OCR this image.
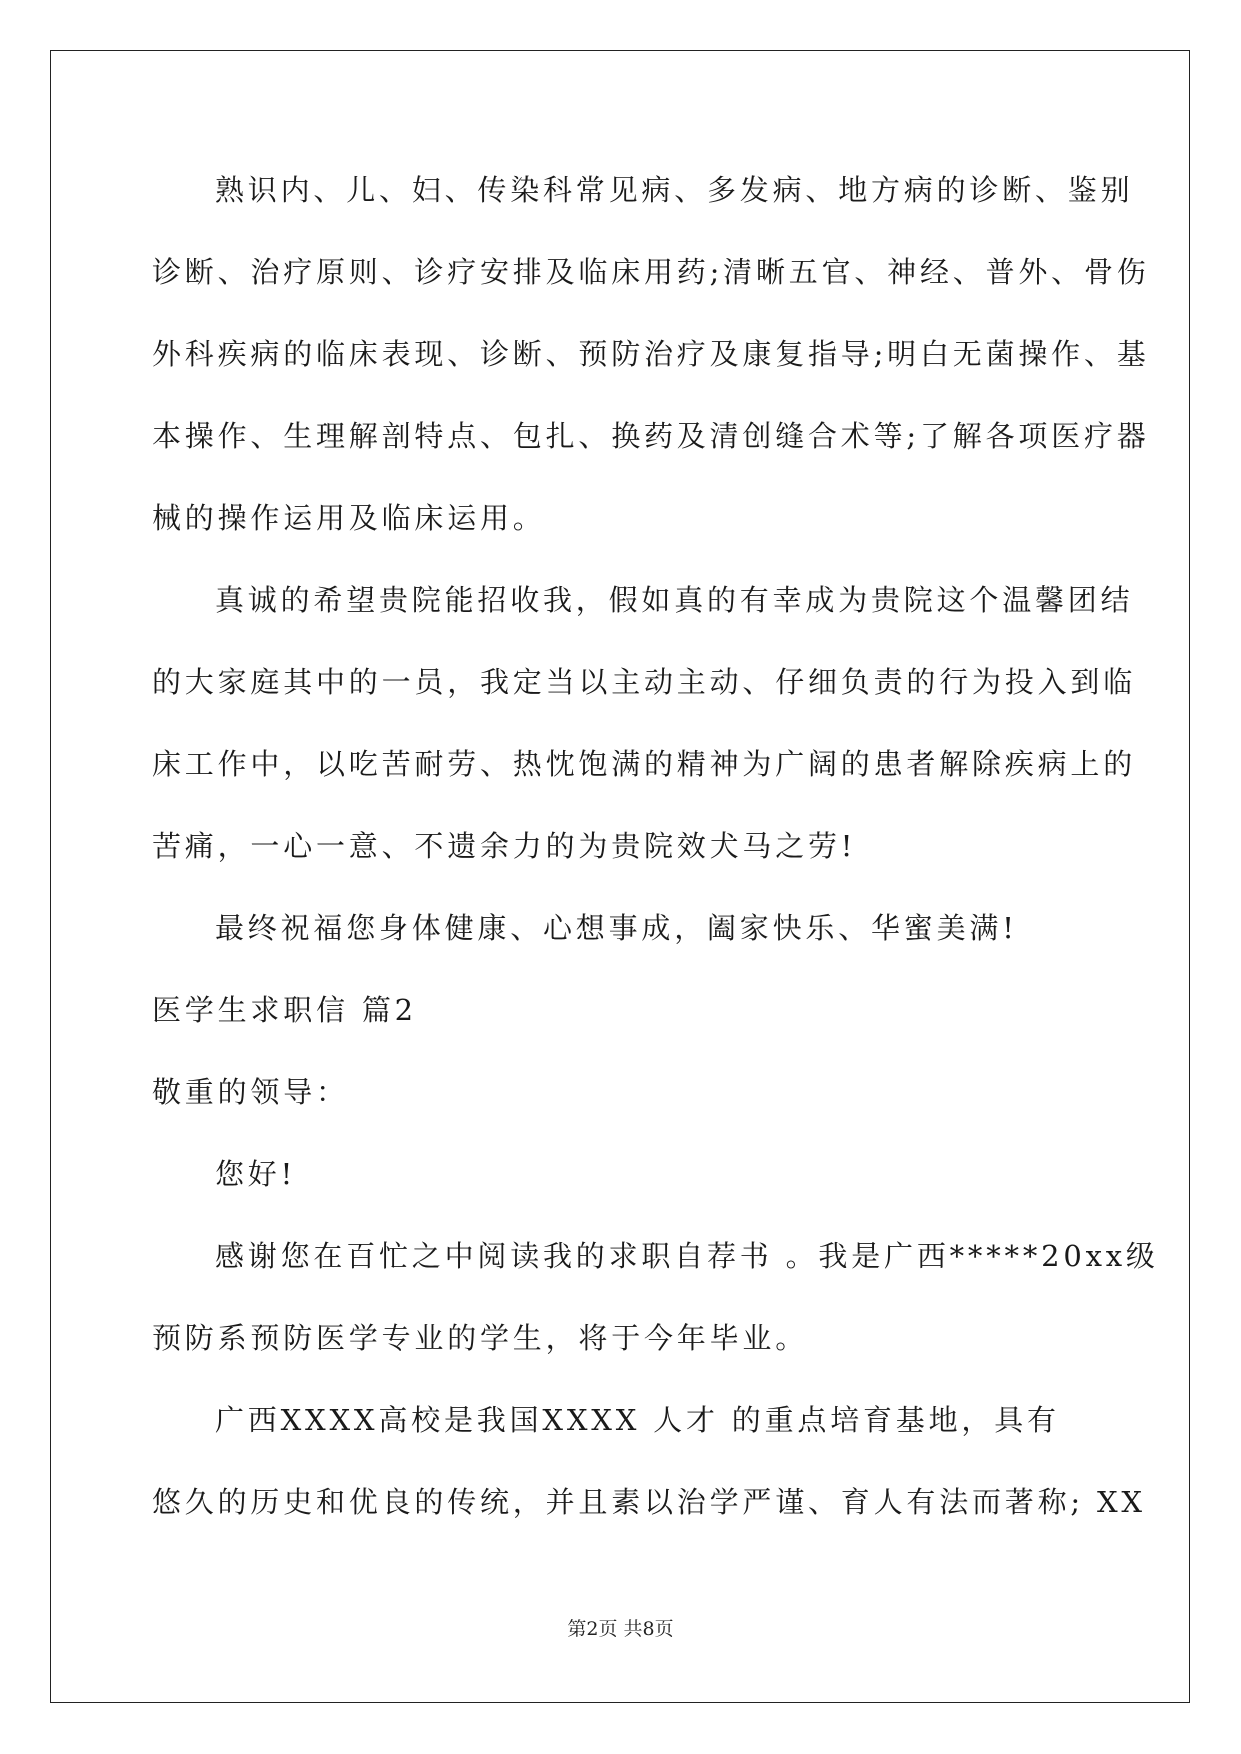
熟识内、儿、妇、传染科常见病、多发病、地方病的诊断、鉴别
诊断、治疗原则、诊疗安排及临床用药;清晰五官、神经、普外、骨伤
外科疾病的临床表现、诊断、预防治疗及康复指导;明白无菌操作、基
本操作、生理解剖特点、包扎、换药及清创缝合术等;了解各项医疗器
械的操作运用及临床运用。
真诚的希望贵院能招收我，假如真的有幸成为贵院这个温馨团结
的大家庭其中的一员，我定当以主动主动、仔细负责的行为投入到临
床工作中，以吃苦耐劳、热忱饱满的精神为广阔的患者解除疾病上的
苦痛，一心一意、不遗余力的为贵院效犬马之劳!
最终祝福您身体健康、心想事成，阖家快乐、华蜜美满!
医学生求职信 篇2
敬重的领导：
您好!
感谢您在百忙之中阅读我的求职自荐书 。我是广西*****20xx级
预防系预防医学专业的学生，将于今年毕业。
广西XXXX高校是我国XXXX 人才 的重点培育基地，具有
悠久的历史和优良的传统，并且素以治学严谨、育人有法而著称; XX
第2页 共8页
